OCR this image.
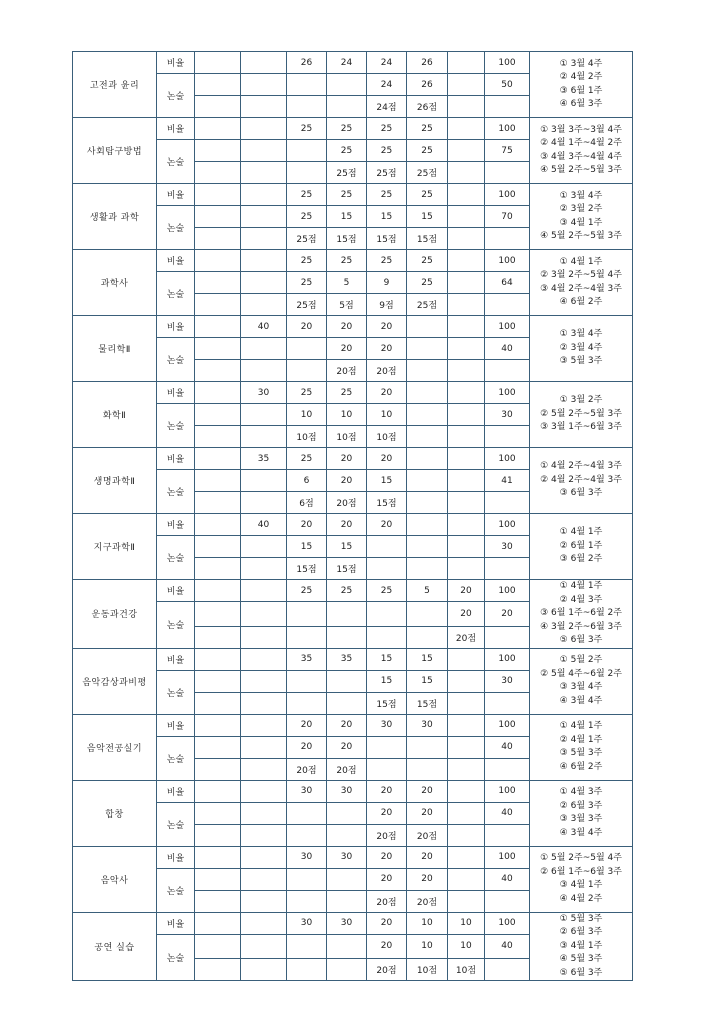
고전과 윤리	비율			26	24	24	26		100	① 3월 4주
② 4월 2주
③ 6월 1주
④ 6월 3주

	논술					24	26		50	
						24점	26점			
사회탐구방법	비율			25	25	25	25		100	① 3월 3주~3월 4주
② 4월 1주~4월 2주
③ 4월 3주~4월 4주
④ 5월 2주~5월 3주

	논술				25	25	25		75	
					25점	25점	25점			
생활과 과학	비율			25	25	25	25		100	① 3월 4주
② 3월 2주
③ 4월 1주
④ 5월 2주~5월 3주

	논술			25	15	15	15		70	
				25점	15점	15점	15점			
과학사	비율			25	25	25	25		100	① 4월 1주
② 3월 2주~5월 4주
③ 4월 2주~4월 3주
④ 6월 2주

	논술			25	5	9	25		64	
				25점	5점	9점	25점			
물리학Ⅱ	비율		40	20	20	20			100	① 3월 4주
② 3월 4주
③ 5월 3주

	논술				20	20			40	
					20점	20점				
화학Ⅱ	비율		30	25	25	20			100	① 3월 2주
② 5월 2주~5월 3주
③ 3월 1주~6월 3주

	논술			10	10	10			30	
				10점	10점	10점				
생명과학Ⅱ	비율		35	25	20	20			100	① 4월 2주~4월 3주
② 4월 2주~4월 3주
③ 6월 3주

	논술			6	20	15			41	
				6점	20점	15점				
지구과학Ⅱ	비율		40	20	20	20			100	① 4월 1주
② 6월 1주
③ 6월 2주

	논술			15	15				30	
				15점	15점					
운동과건강	비율			25	25	25	5	20	100	① 4월 1주
② 4월 3주
③ 6월 1주~6월 2주
④ 3월 2주~6월 3주
⑤ 6월 3주

	논술							20	20	
								20점		
음악감상과비평	비율			35	35	15	15		100	① 5월 2주
② 5월 4주~6월 2주
③ 3월 4주
④ 3월 4주

	논술					15	15		30	
						15점	15점			
음악전공실기	비율			20	20	30	30		100	① 4월 1주
② 4월 1주
③ 5월 3주
④ 6월 2주

	논술			20	20				40	
				20점	20점					
합창	비율			30	30	20	20		100	① 4월 3주
② 6월 3주
③ 3월 3주
④ 3월 4주

	논술					20	20		40	
						20점	20점			
음악사	비율			30	30	20	20		100	① 5월 2주~5월 4주
② 6월 1주~6월 3주
③ 4월 1주
④ 4월 2주

	논술					20	20		40	
						20점	20점			
공연 실습	비율			30	30	20	10	10	100	① 5월 3주
② 6월 3주
③ 4월 1주
④ 5월 3주
⑤ 6월 3주

	논술					20	10	10	40	
						20점	10점	10점		
